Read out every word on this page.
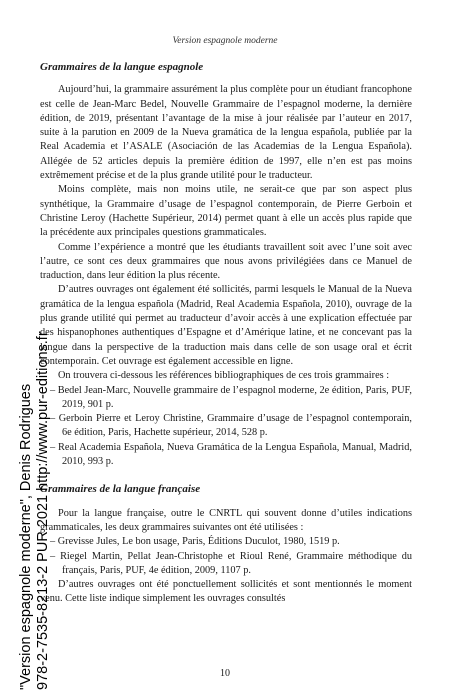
Version espagnole moderne
Grammaires de la langue espagnole

Aujourd’hui, la grammaire assurément la plus complète pour un étudiant francophone est celle de Jean-Marc Bedel, Nouvelle Grammaire de l’espagnol moderne, la dernière édition, de 2019, présentant l’avantage de la mise à jour réalisée par l’auteur en 2017, suite à la parution en 2009 de la Nueva gramática de la lengua española, publiée par la Real Academia et l’ASALE (Asociación de las Academias de la Lengua Española). Allégée de 52 articles depuis la première édition de 1997, elle n’en est pas moins extrêmement précise et de la plus grande utilité pour le traducteur.

Moins complète, mais non moins utile, ne serait-ce que par son aspect plus synthétique, la Grammaire d’usage de l’espagnol contemporain, de Pierre Gerboin et Christine Leroy (Hachette Supérieur, 2014) permet quant à elle un accès plus rapide que la précédente aux principales questions grammaticales.

Comme l’expérience a montré que les étudiants travaillent soit avec l’une soit avec l’autre, ce sont ces deux grammaires que nous avons privilégiées dans ce Manuel de traduction, dans leur édition la plus récente.

D’autres ouvrages ont également été sollicités, parmi lesquels le Manual de la Nueva gramática de la lengua española (Madrid, Real Academia Española, 2010), ouvrage de la plus grande utilité qui permet au traducteur d’avoir accès à une explication effectuée par des hispanophones authentiques d’Espagne et d’Amérique latine, et ne concevant pas la langue dans la perspective de la traduction mais dans celle de son usage oral et écrit contemporain. Cet ouvrage est également accessible en ligne.

On trouvera ci-dessous les références bibliographiques de ces trois grammaires :

– Bedel Jean-Marc, Nouvelle grammaire de l’espagnol moderne, 2e édition, Paris, PUF, 2019, 901 p.
– Gerboin Pierre et Leroy Christine, Grammaire d’usage de l’espagnol contemporain, 6e édition, Paris, Hachette supérieur, 2014, 528 p.
– Real Academia Española, Nueva Gramática de la Lengua Española, Manual, Madrid, 2010, 993 p.
Grammaires de la langue française

Pour la langue française, outre le CNRTL qui souvent donne d’utiles indications grammaticales, les deux grammaires suivantes ont été utilisées :

– Grevisse Jules, Le bon usage, Paris, Éditions Duculot, 1980, 1519 p.
– Riegel Martin, Pellat Jean-Christophe et Rioul René, Grammaire méthodique du français, Paris, PUF, 4e édition, 2009, 1107 p.

D’autres ouvrages ont été ponctuellement sollicités et sont mentionnés le moment venu. Cette liste indique simplement les ouvrages consultés

10
"Version espagnole moderne", Denis Rodrigues 978-2-7535-8213-2 PUR 2021 http://www.pur-editions.fr
